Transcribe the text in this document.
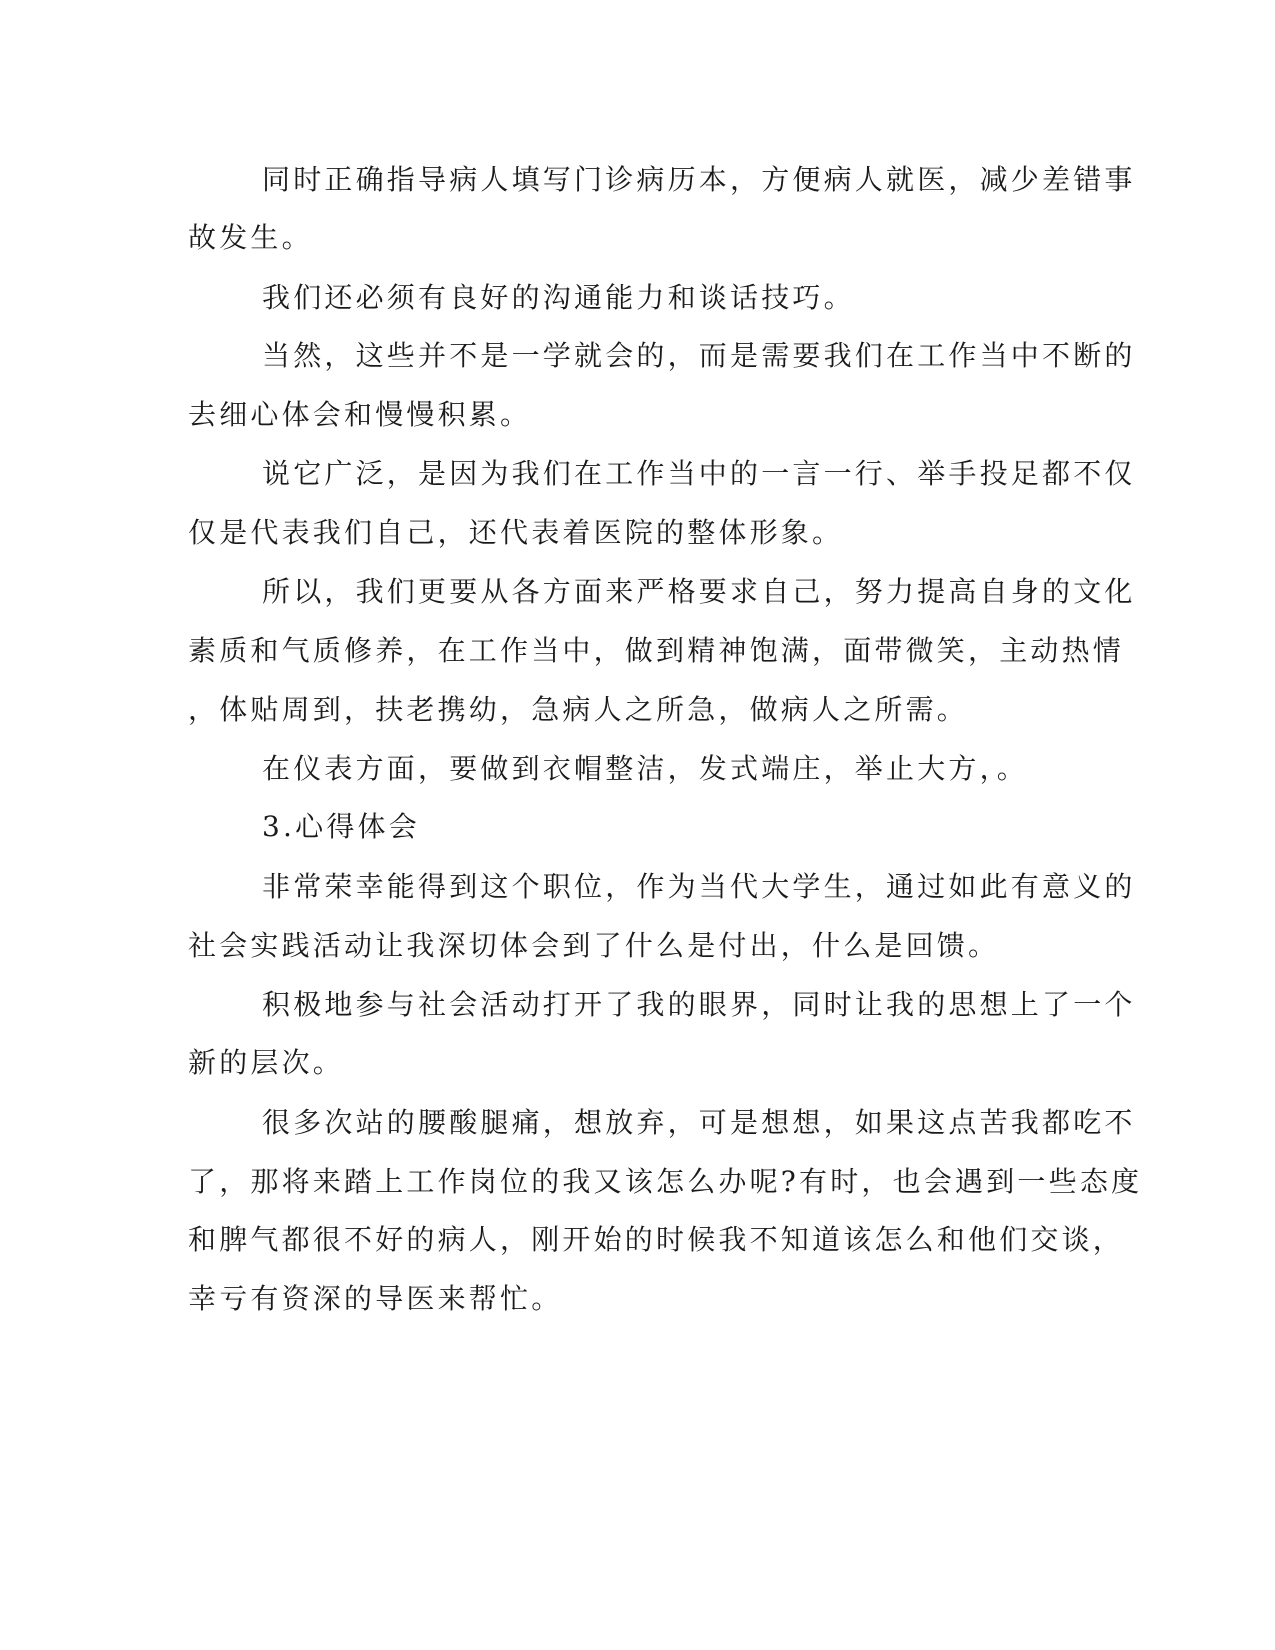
同时正确指导病人填写门诊病历本，方便病人就医，减少差错事

故发生。

我们还必须有良好的沟通能力和谈话技巧。

当然，这些并不是一学就会的，而是需要我们在工作当中不断的

去细心体会和慢慢积累。

说它广泛，是因为我们在工作当中的一言一行、举手投足都不仅

仅是代表我们自己，还代表着医院的整体形象。

所以，我们更要从各方面来严格要求自己，努力提高自身的文化

素质和气质修养，在工作当中，做到精神饱满，面带微笑，主动热情

，体贴周到，扶老携幼，急病人之所急，做病人之所需。

在仪表方面，要做到衣帽整洁，发式端庄，举止大方，。

3.心得体会

非常荣幸能得到这个职位，作为当代大学生，通过如此有意义的

社会实践活动让我深切体会到了什么是付出，什么是回馈。

积极地参与社会活动打开了我的眼界，同时让我的思想上了一个

新的层次。

很多次站的腰酸腿痛，想放弃，可是想想，如果这点苦我都吃不

了，那将来踏上工作岗位的我又该怎么办呢?有时，也会遇到一些态度

和脾气都很不好的病人，刚开始的时候我不知道该怎么和他们交谈，

幸亏有资深的导医来帮忙。
